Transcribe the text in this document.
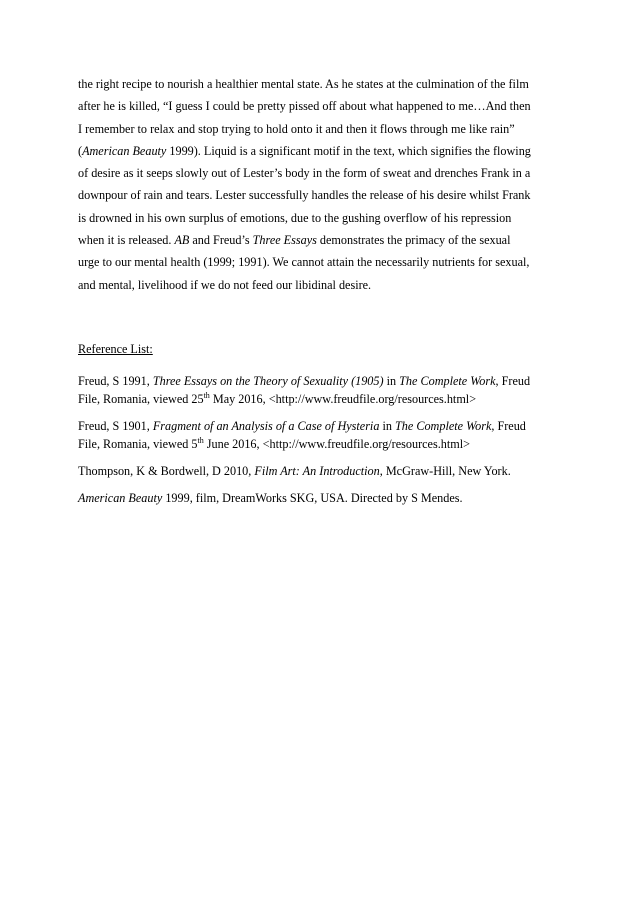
the right recipe to nourish a healthier mental state. As he states at the culmination of the film
after he is killed, “I guess I could be pretty pissed off about what happened to me…And then
I remember to relax and stop trying to hold onto it and then it flows through me like rain”
(American Beauty 1999). Liquid is a significant motif in the text, which signifies the flowing
of desire as it seeps slowly out of Lester’s body in the form of sweat and drenches Frank in a
downpour of rain and tears. Lester successfully handles the release of his desire whilst Frank
is drowned in his own surplus of emotions, due to the gushing overflow of his repression
when it is released. AB and Freud’s Three Essays demonstrates the primacy of the sexual
urge to our mental health (1999; 1991). We cannot attain the necessarily nutrients for sexual,
and mental, livelihood if we do not feed our libidinal desire.
Reference List:
Freud, S 1991, Three Essays on the Theory of Sexuality (1905) in The Complete Work, Freud
File, Romania, viewed 25th May 2016, <http://www.freudfile.org/resources.html>
Freud, S 1901, Fragment of an Analysis of a Case of Hysteria in The Complete Work, Freud
File, Romania, viewed 5th June 2016, <http://www.freudfile.org/resources.html>
Thompson, K & Bordwell, D 2010, Film Art: An Introduction, McGraw-Hill, New York.
American Beauty 1999, film, DreamWorks SKG, USA. Directed by S Mendes.
